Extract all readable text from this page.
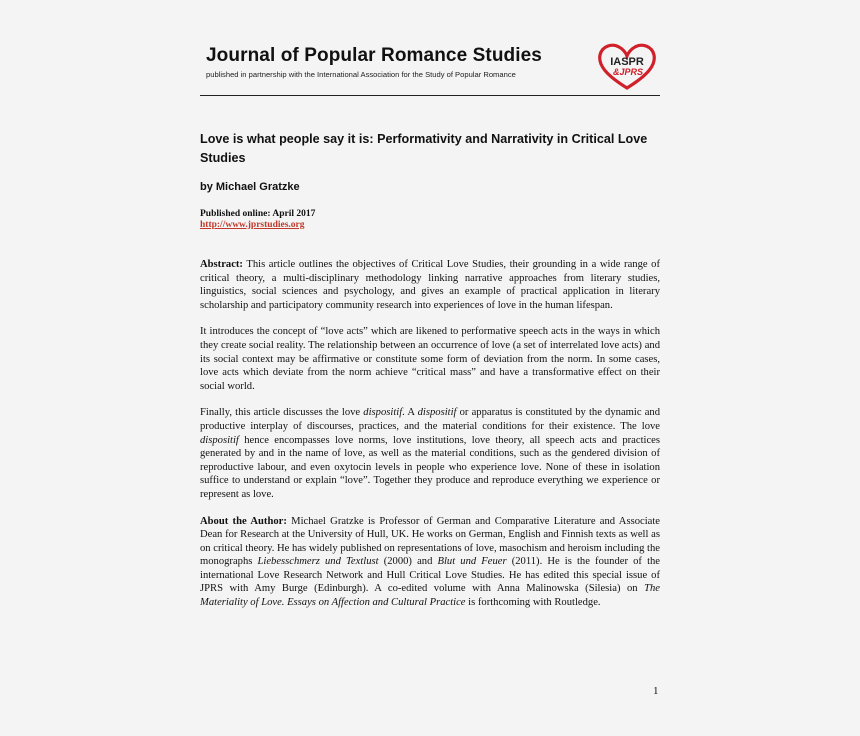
Journal of Popular Romance Studies
published in partnership with the International Association for the Study of Popular Romance
IASPR
&JPRS
Love is what people say it is: Performativity and Narrativity in Critical Love Studies
by Michael Gratzke
Published online: April 2017
http://www.jprstudies.org

Abstract: This article outlines the objectives of Critical Love Studies, their grounding in a wide range of critical theory, a multi-disciplinary methodology linking narrative approaches from literary studies, linguistics, social sciences and psychology, and gives an example of practical application in literary scholarship and participatory community research into experiences of love in the human lifespan.

It introduces the concept of “love acts” which are likened to performative speech acts in the ways in which they create social reality. The relationship between an occurrence of love (a set of interrelated love acts) and its social context may be affirmative or constitute some form of deviation from the norm. In some cases, love acts which deviate from the norm achieve “critical mass” and have a transformative effect on their social world.

Finally, this article discusses the love dispositif. A dispositif or apparatus is constituted by the dynamic and productive interplay of discourses, practices, and the material conditions for their existence. The love dispositif hence encompasses love norms, love institutions, love theory, all speech acts and practices generated by and in the name of love, as well as the material conditions, such as the gendered division of reproductive labour, and even oxytocin levels in people who experience love. None of these in isolation suffice to understand or explain “love”. Together they produce and reproduce everything we experience or represent as love.

About the Author: Michael Gratzke is Professor of German and Comparative Literature and Associate Dean for Research at the University of Hull, UK. He works on German, English and Finnish texts as well as on critical theory. He has widely published on representations of love, masochism and heroism including the monographs Liebesschmerz und Textlust (2000) and Blut und Feuer (2011). He is the founder of the international Love Research Network and Hull Critical Love Studies. He has edited this special issue of JPRS with Amy Burge (Edinburgh). A co-edited volume with Anna Malinowska (Silesia) on The Materiality of Love. Essays on Affection and Cultural Practice is forthcoming with Routledge.

1
